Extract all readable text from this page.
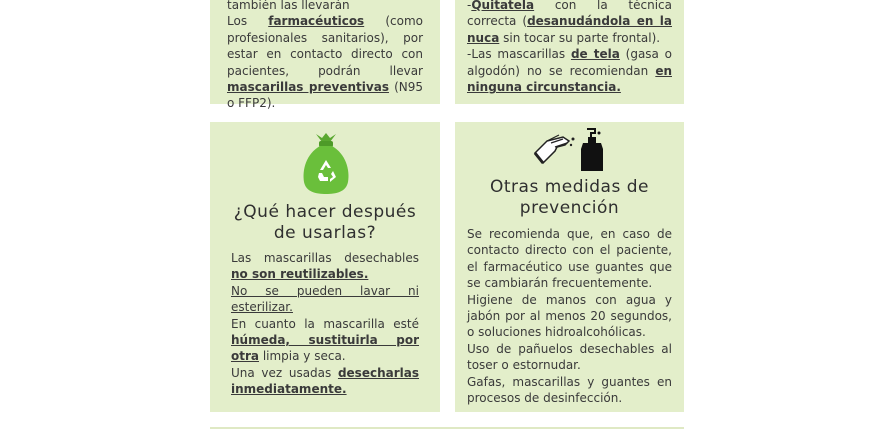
también las llevarán

Los farmacéuticos (como profesionales sanitarios), por estar en contacto directo con pacientes, podrán llevar mascarillas preventivas (N95 o FFP2).

-Quitatela con la técnica correcta (desanudándola en la nuca sin tocar su parte frontal).

-Las mascarillas de tela (gasa o algodón) no se recomiendan en ninguna circunstancia.

¿Qué hacer después de usarlas?

Las mascarillas desechables no son reutilizables.

No se pueden lavar ni esterilizar.

En cuanto la mascarilla esté húmeda, sustituirla por otra limpia y seca.

Una vez usadas desecharlas inmediatamente.

Otras medidas de prevención

Se recomienda que, en caso de contacto directo con el paciente, el farmacéutico use guantes que se cambiarán frecuentemente.

Higiene de manos con agua y jabón por al menos 20 segundos, o soluciones hidroalcohólicas.

Uso de pañuelos desechables al toser o estornudar.

Gafas, mascarillas y guantes en procesos de desinfección.
